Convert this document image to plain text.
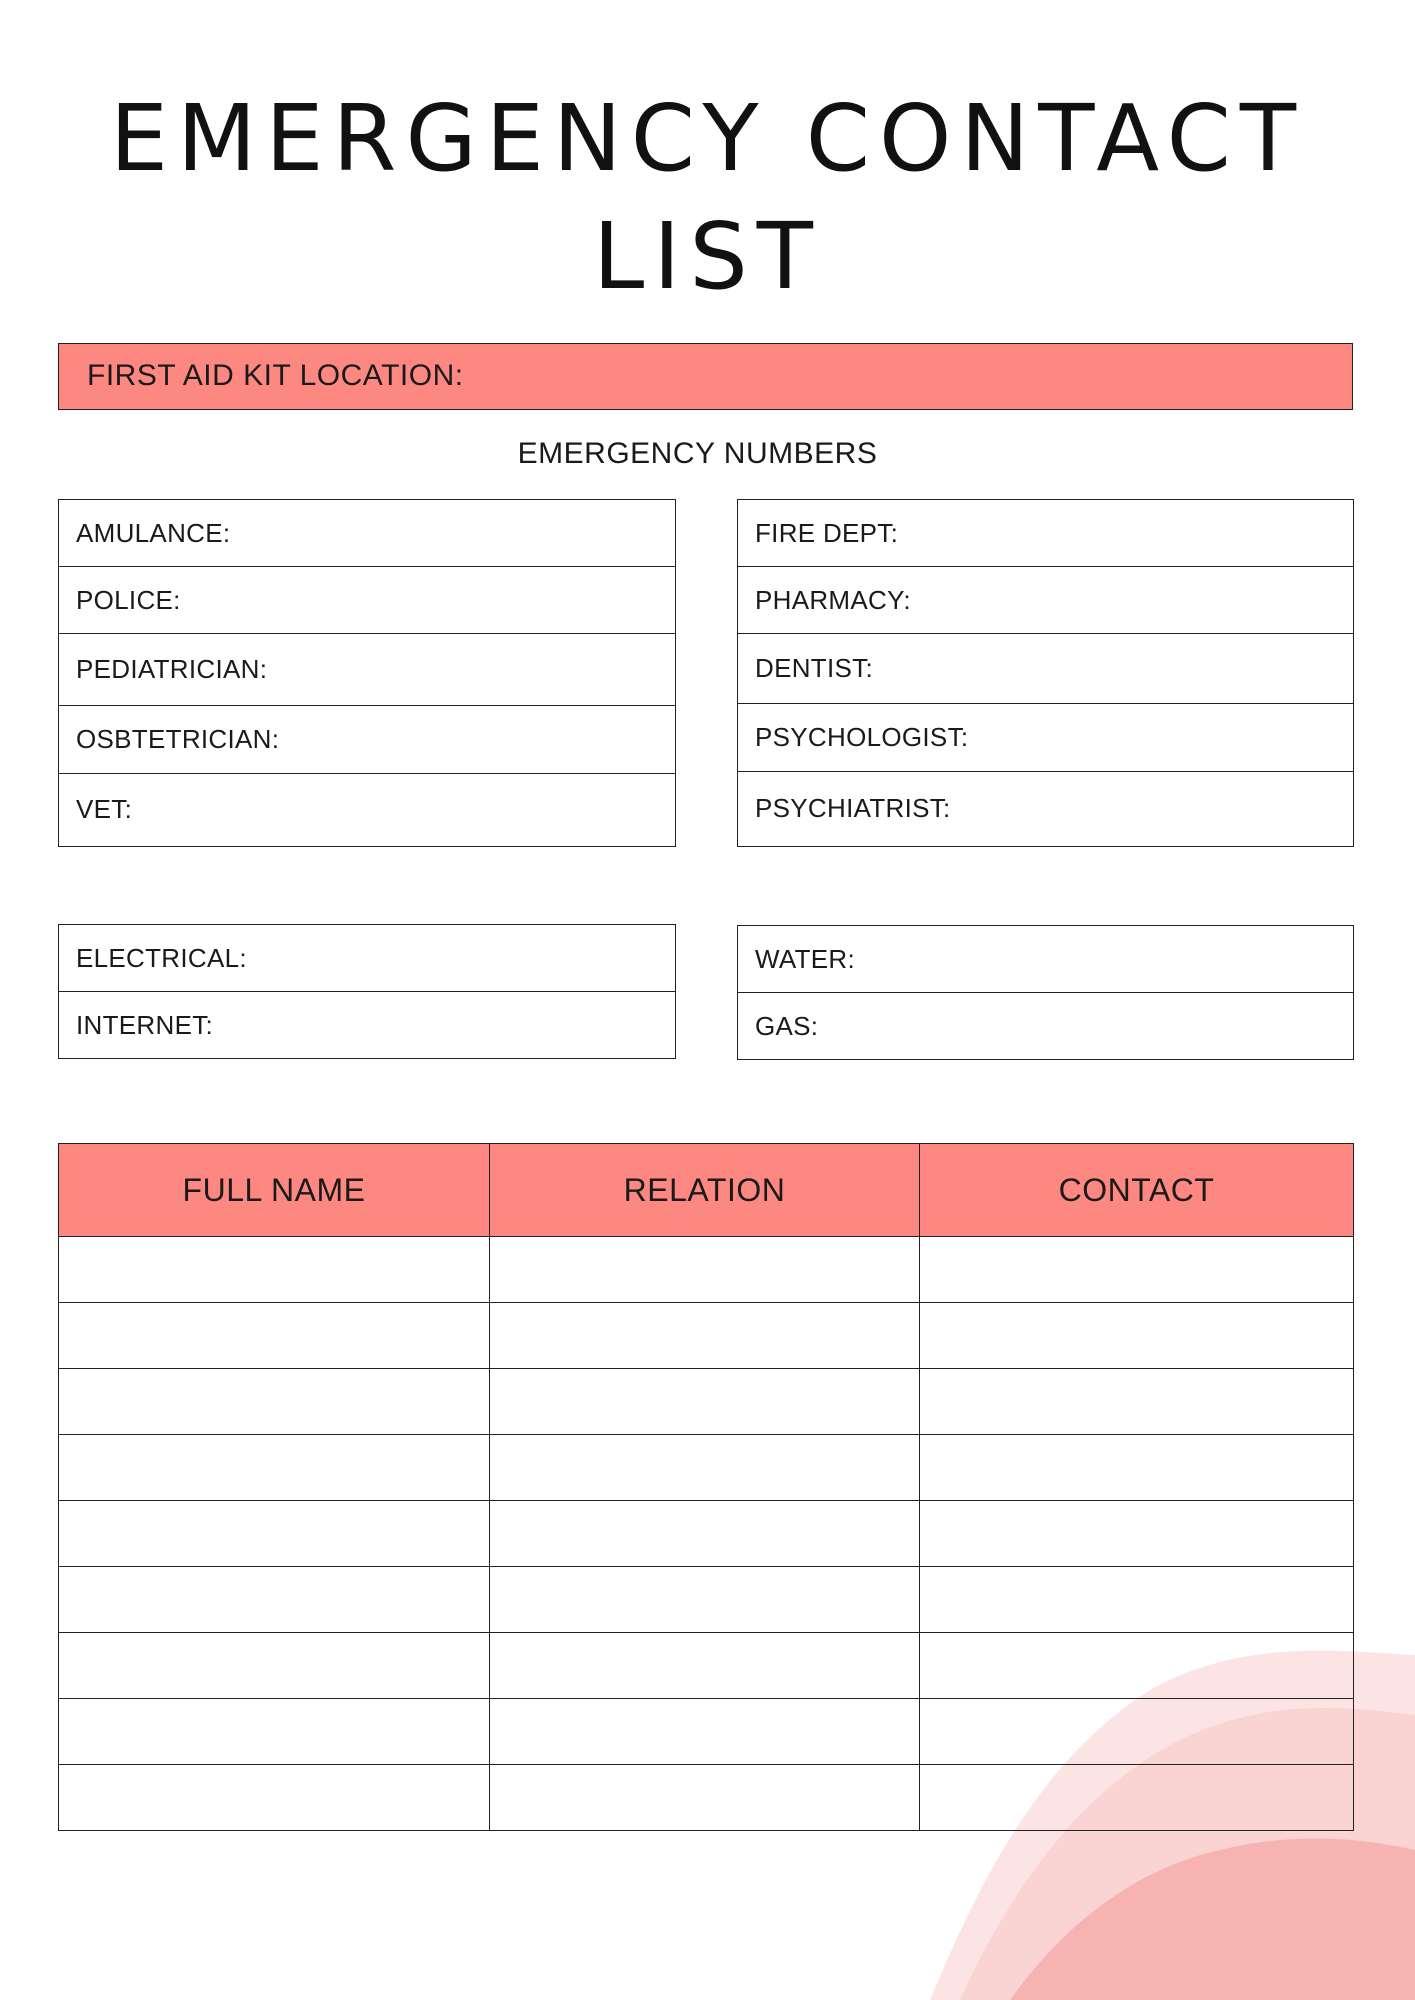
EMERGENCY CONTACT
LIST
FIRST AID KIT LOCATION:
EMERGENCY NUMBERS
AMULANCE:
POLICE:
PEDIATRICIAN:
OSBTETRICIAN:
VET:
FIRE DEPT:
PHARMACY:
DENTIST:
PSYCHOLOGIST:
PSYCHIATRIST:
ELECTRICAL:
INTERNET:
WATER:
GAS:
FULL NAME	RELATION	CONTACT
